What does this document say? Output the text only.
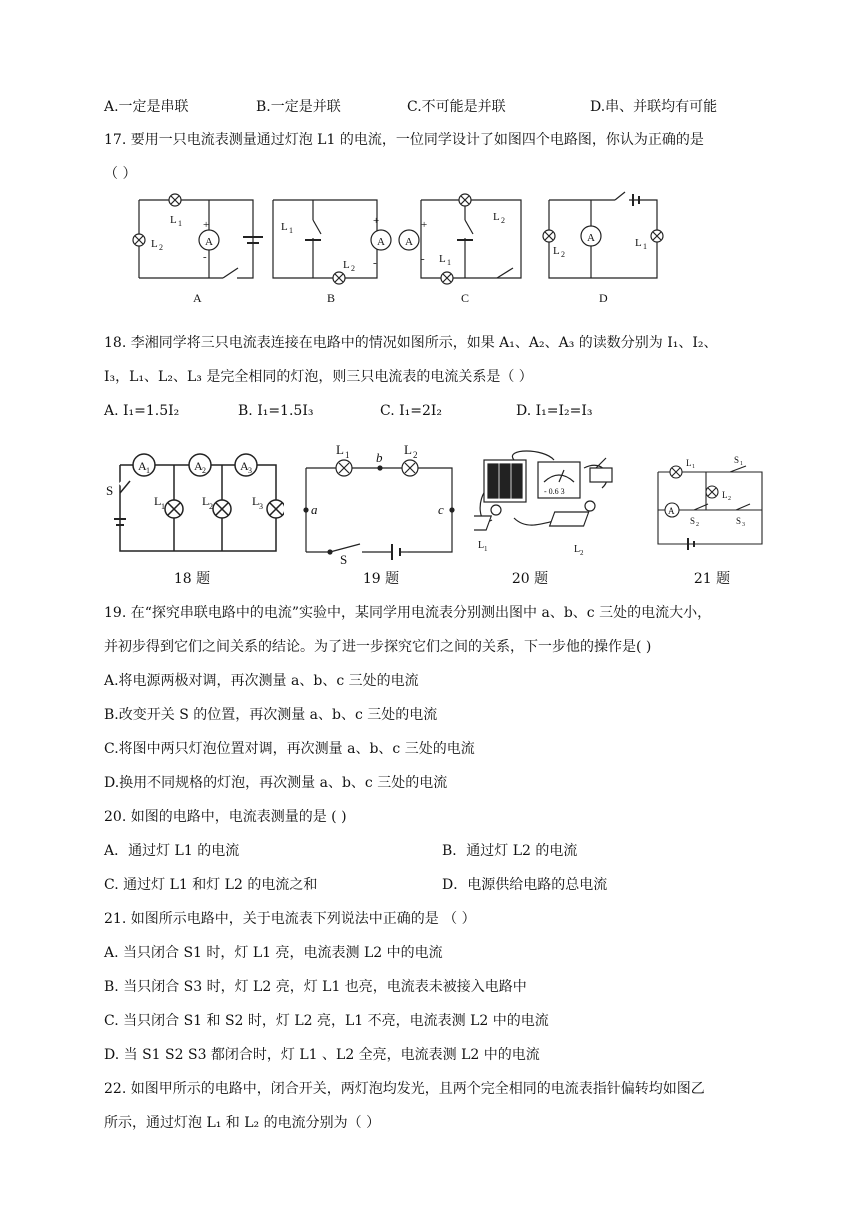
A.一定是串联	B.一定是并联	C.不可能是并联	D.串、并联均有可能
17. 要用一只电流表测量通过灯泡 L1 的电流，一位同学设计了如图四个电路图，你认为正确的是
（ ）
A	A A	A
L 1
L 2
L 1
L 2
L 2
L 1
L 2
L 1
+
-
+
-
+
-
A	B	C	D
18. 李湘同学将三只电流表连接在电路中的情况如图所示，如果 A₁、A₂、A₃ 的读数分别为 I₁、I₂、
I₃，L₁、L₂、L₃ 是完全相同的灯泡，则三只电流表的电流关系是（ ）
A. I₁=1.5I₂	B. I₁=1.5I₃	C. I₁=2I₂	D. I₁=I₂=I₃
A 1	A 2	A 3
S
L 1	L 2	L 3
L 1	L 2
b
a	c
S
- 0.6 3
L 1	L 2
L 1
L 2
A
S 1
S 2	S 3
18 题	19 题	20 题	21 题
19. 在“探究串联电路中的电流”实验中，某同学用电流表分别测出图中 a、b、c 三处的电流大小，
并初步得到它们之间关系的结论。为了进一步探究它们之间的关系，下一步他的操作是( )
A.将电源两极对调，再次测量 a、b、c 三处的电流
B.改变开关 S 的位置，再次测量 a、b、c 三处的电流
C.将图中两只灯泡位置对调，再次测量 a、b、c 三处的电流
D.换用不同规格的灯泡，再次测量 a、b、c 三处的电流
20. 如图的电路中，电流表测量的是 ( )
A．通过灯 L1 的电流	B．通过灯 L2 的电流
C. 通过灯 L1 和灯 L2 的电流之和	D．电源供给电路的总电流
21. 如图所示电路中，关于电流表下列说法中正确的是 （ ）
A. 当只闭合 S1 时，灯 L1 亮，电流表测 L2 中的电流
B. 当只闭合 S3 时，灯 L2 亮，灯 L1 也亮，电流表未被接入电路中
C. 当只闭合 S1 和 S2 时，灯 L2 亮，L1 不亮，电流表测 L2 中的电流
D. 当 S1 S2 S3 都闭合时，灯 L1 、L2 全亮，电流表测 L2 中的电流
22. 如图甲所示的电路中，闭合开关，两灯泡均发光，且两个完全相同的电流表指针偏转均如图乙
所示，通过灯泡 L₁ 和 L₂ 的电流分别为（ ）
